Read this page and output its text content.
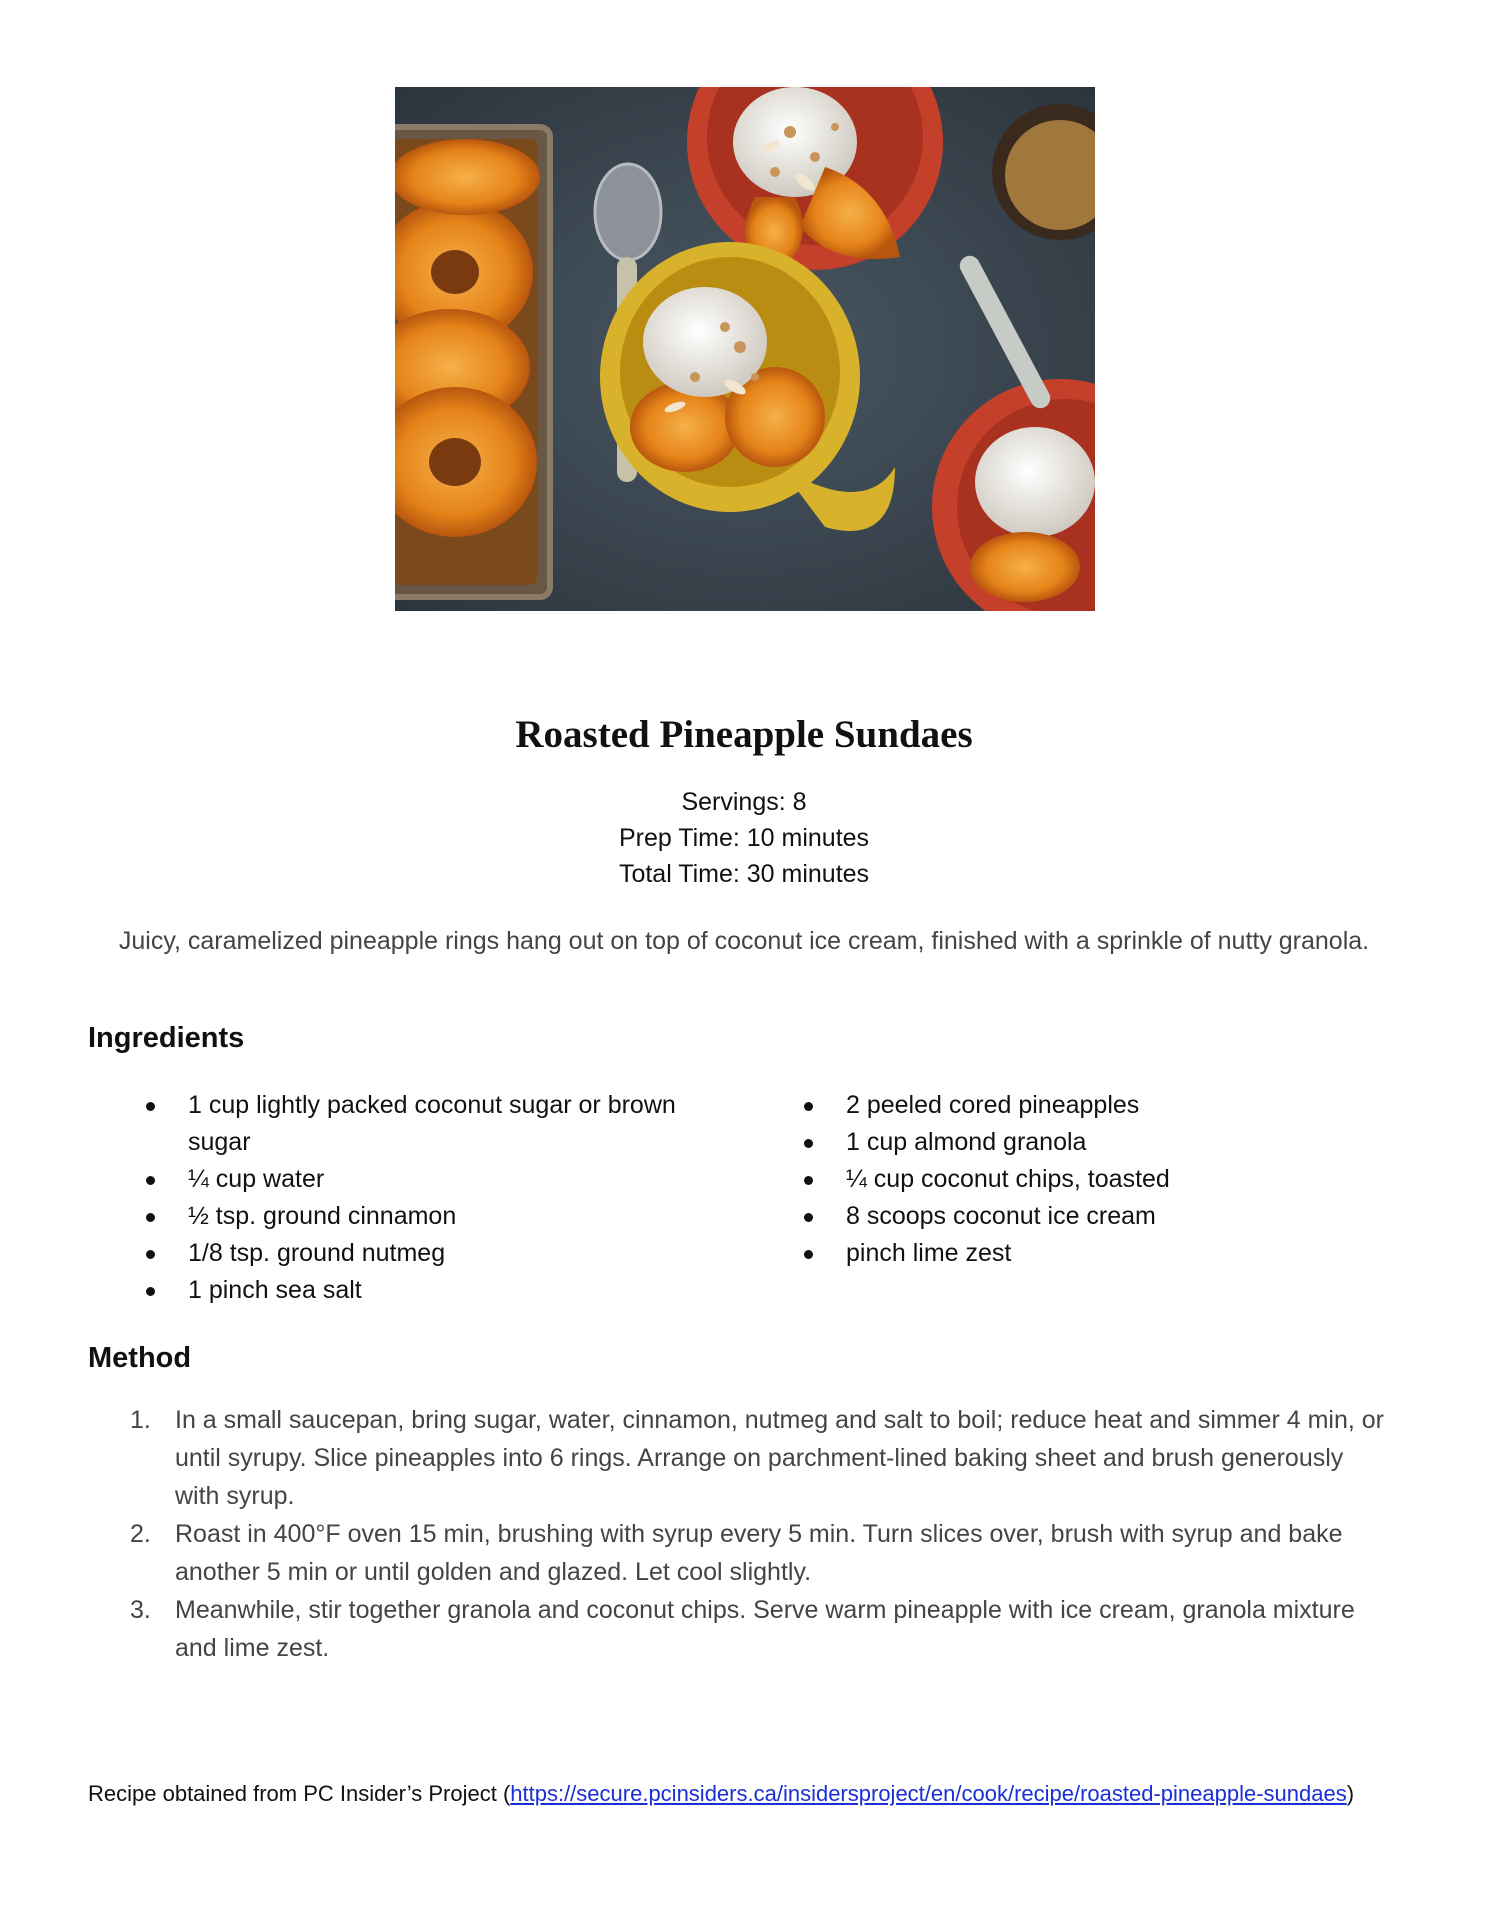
Roasted Pineapple Sundaes
Servings: 8
Prep Time: 10 minutes
Total Time: 30 minutes
Juicy, caramelized pineapple rings hang out on top of coconut ice cream, finished with a sprinkle of nutty granola.
Ingredients
1 cup lightly packed coconut sugar or brown sugar
¼ cup water
½ tsp. ground cinnamon
1/8 tsp. ground nutmeg
1 pinch sea salt
2 peeled cored pineapples
1 cup almond granola
¼ cup coconut chips, toasted
8 scoops coconut ice cream
pinch lime zest
Method
1. In a small saucepan, bring sugar, water, cinnamon, nutmeg and salt to boil; reduce heat and simmer 4 min, or until syrupy. Slice pineapples into 6 rings. Arrange on parchment-lined baking sheet and brush generously with syrup.
2. Roast in 400°F oven 15 min, brushing with syrup every 5 min. Turn slices over, brush with syrup and bake another 5 min or until golden and glazed. Let cool slightly.
3. Meanwhile, stir together granola and coconut chips. Serve warm pineapple with ice cream, granola mixture and lime zest.
Recipe obtained from PC Insider’s Project (https://secure.pcinsiders.ca/insidersproject/en/cook/recipe/roasted-pineapple-sundaes)
